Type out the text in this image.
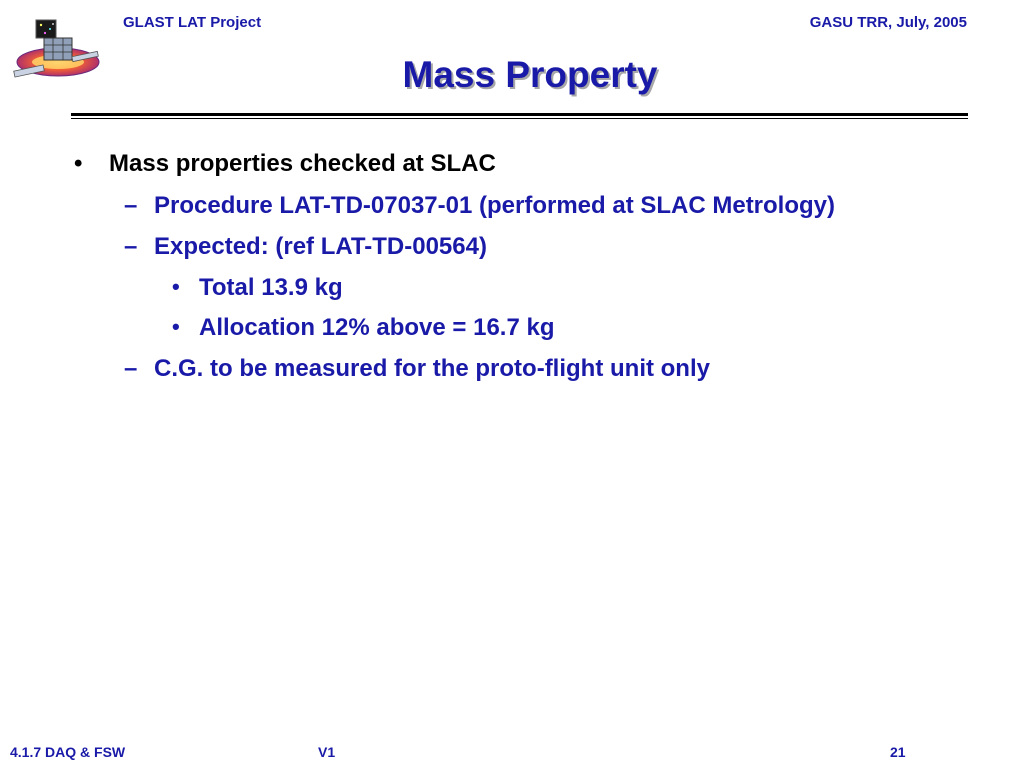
GLAST LAT Project	GASU TRR, July, 2005
Mass Property
• Mass properties checked at SLAC
– Procedure LAT-TD-07037-01 (performed at SLAC Metrology)
– Expected: (ref LAT-TD-00564)
• Total 13.9 kg
• Allocation 12% above = 16.7 kg
– C.G. to be measured for the proto-flight unit only
4.1.7 DAQ & FSW	V1	21
